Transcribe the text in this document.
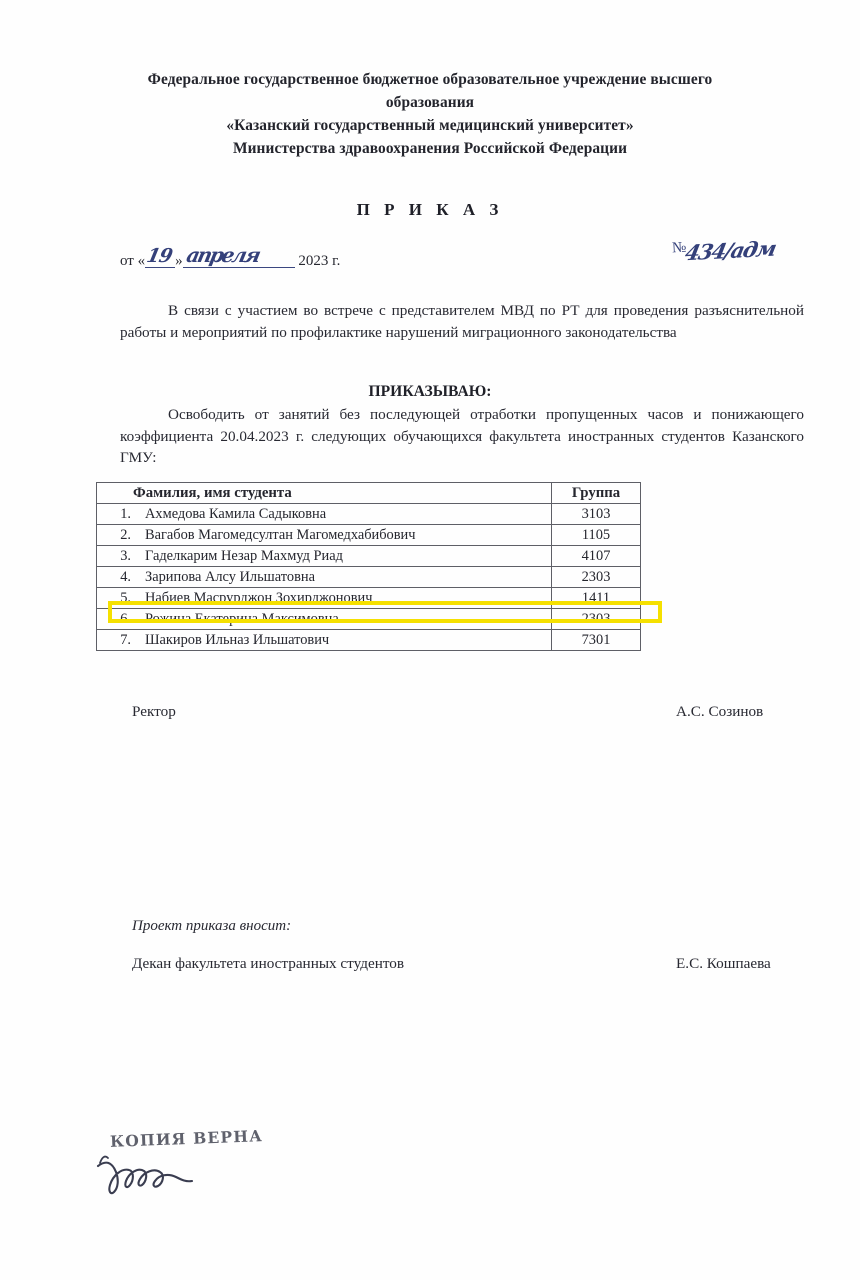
Федеральное государственное бюджетное образовательное учреждение высшего
образования
«Казанский государственный медицинский университет»
Министерства здравоохранения Российской Федерации
П Р И К А З
от «19»апреля	2023 г.
№434/адм
В связи с участием во встрече с представителем МВД по РТ для проведения разъяснительной работы и мероприятий по профилактике нарушений миграционного законодательства
ПРИКАЗЫВАЮ:
Освободить от занятий без последующей отработки пропущенных часов и понижающего коэффициента 20.04.2023 г. следующих обучающихся факультета иностранных студентов Казанского ГМУ:
Фамилия, имя студента		Группа
1.	Ахмедова Камила Садыковна	3103
2.	Вагабов Магомедсултан Магомедхабибович	1105
3.	Гаделкарим Незар Махмуд Риад	4107
4.	Зарипова Алсу Ильшатовна	2303
5.	Набиев Масрурджон Зохирджонович	1411
6.	Рожина Екатерина Максимовна	2303
7.	Шакиров Ильназ Ильшатович	7301
Ректор	А.С. Созинов
Проект приказа вносит:
Декан факультета иностранных студентов	Е.С. Кошпаева
КОПИЯ ВЕРНА
